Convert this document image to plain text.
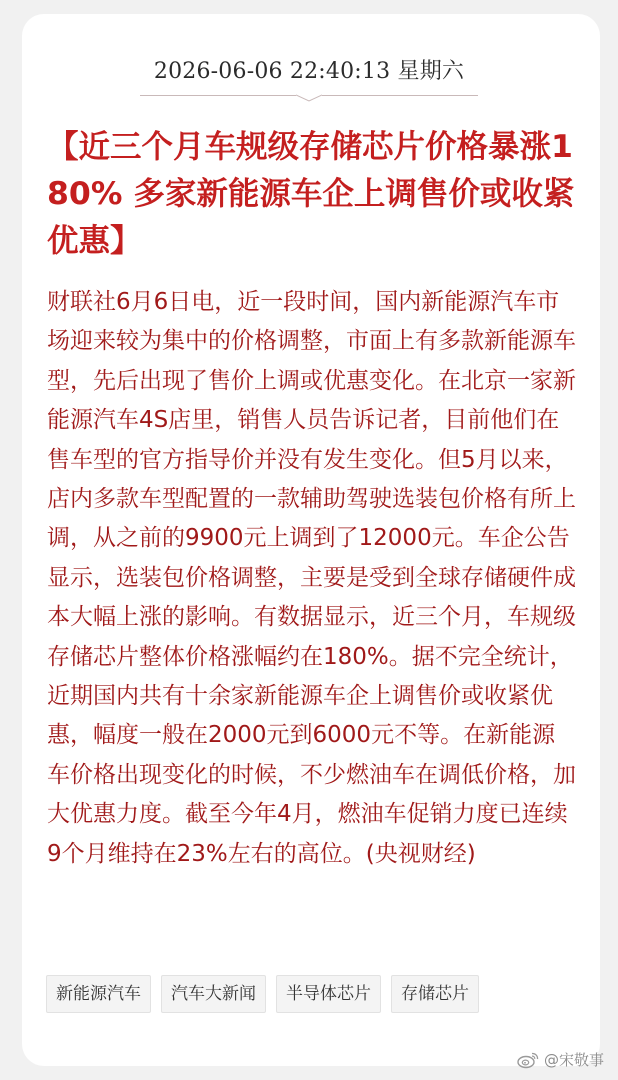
2026-06-06 22:40:13 星期六
【近三个月车规级存储芯片价格暴涨180% 多家新能源车企上调售价或收紧优惠】

财联社6月6日电，近一段时间，国内新能源汽车市场迎来较为集中的价格调整，市面上有多款新能源车型，先后出现了售价上调或优惠变化。在北京一家新能源汽车4S店里，销售人员告诉记者，目前他们在售车型的官方指导价并没有发生变化。但5月以来，店内多款车型配置的一款辅助驾驶选装包价格有所上调，从之前的9900元上调到了12000元。车企公告显示，选装包价格调整，主要是受到全球存储硬件成本大幅上涨的影响。有数据显示，近三个月，车规级存储芯片整体价格涨幅约在180%。据不完全统计，近期国内共有十余家新能源车企上调售价或收紧优惠，幅度一般在2000元到6000元不等。在新能源车价格出现变化的时候，不少燃油车在调低价格，加大优惠力度。截至今年4月，燃油车促销力度已连续9个月维持在23%左右的高位。(央视财经)

新能源汽车	汽车大新闻	半导体芯片	存储芯片
@宋敬事
